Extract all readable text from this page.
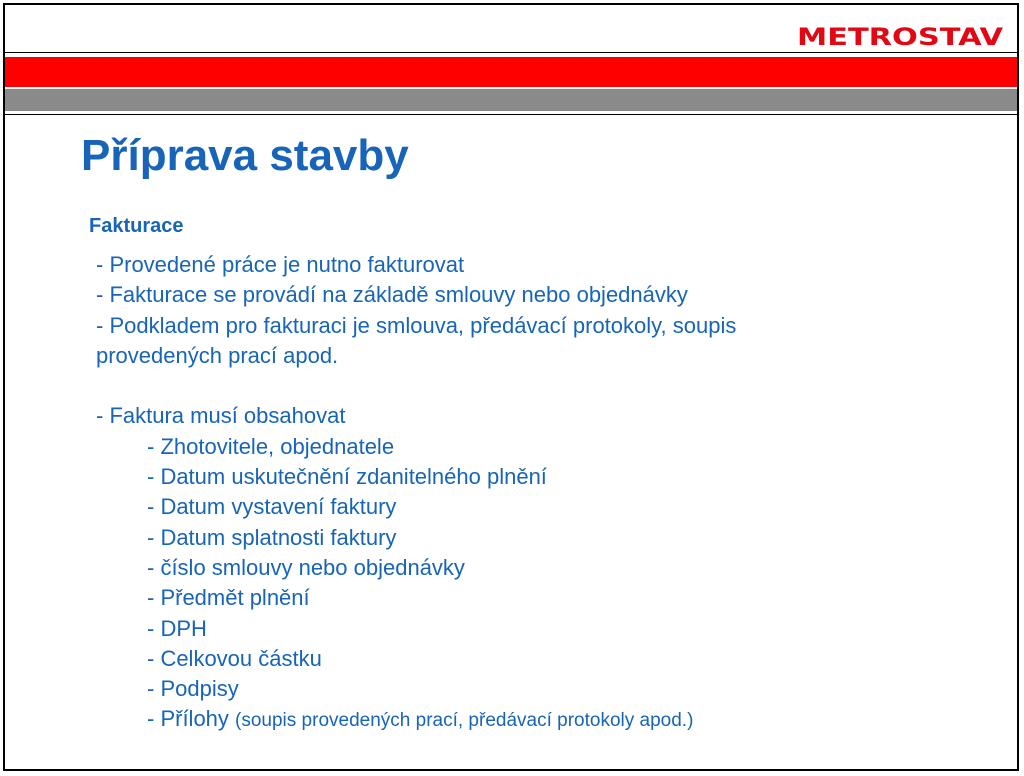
METROSTAV
Příprava stavby
Fakturace
- Provedené práce je nutno fakturovat
- Fakturace se provádí na základě smlouvy nebo objednávky
- Podkladem pro fakturaci je smlouva, předávací protokoly, soupis
provedených prací apod.
- Faktura musí obsahovat
- Zhotovitele, objednatele
- Datum uskutečnění zdanitelného plnění
- Datum vystavení faktury
- Datum splatnosti faktury
- číslo smlouvy nebo objednávky
- Předmět plnění
- DPH
- Celkovou částku
- Podpisy
- Přílohy (soupis provedených prací, předávací protokoly apod.)
